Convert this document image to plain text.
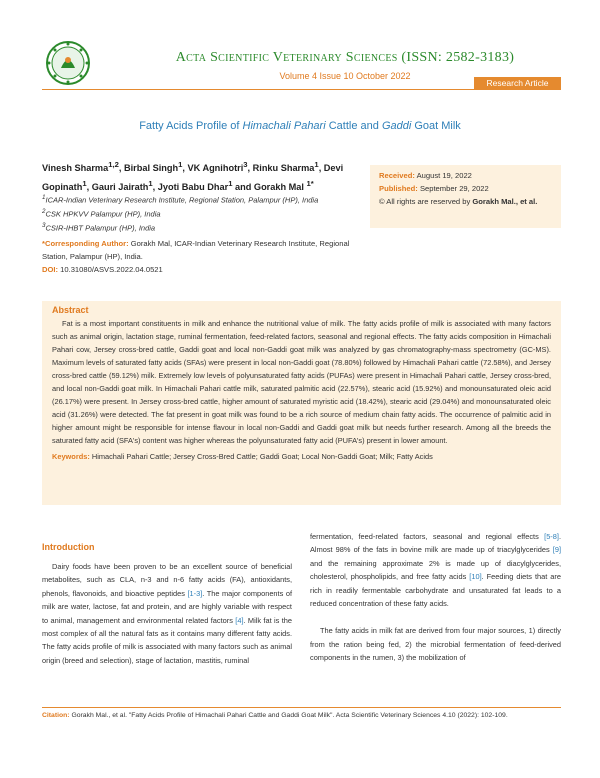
Acta Scientific Veterinary Sciences (ISSN: 2582-3183)
Volume 4 Issue 10 October 2022
Research Article
Fatty Acids Profile of Himachali Pahari Cattle and Gaddi Goat Milk
Vinesh Sharma$^{1,2}$, Birbal Singh$^1$, VK Agnihotri$^3$, Rinku Sharma$^1$, Devi Gopinath$^1$, Gauri Jairath$^1$, Jyoti Babu Dhar$^1$ and Gorakh Mal $^{1*}$
$^1$ICAR-Indian Veterinary Research Institute, Regional Station, Palampur (HP), India
$^2$CSK HPKVV Palampur (HP), India
$^3$CSIR-IHBT Palampur (HP), India
*Corresponding Author: Gorakh Mal, ICAR-Indian Veterinary Research Institute, Regional Station, Palampur (HP), India.
DOI: 10.31080/ASVS.2022.04.0521
Received: August 19, 2022
Published: September 29, 2022
© All rights are reserved by Gorakh Mal., et al.
Abstract

Fat is a most important constituents in milk and enhance the nutritional value of milk. The fatty acids profile of milk is associated with many factors such as animal origin, lactation stage, ruminal fermentation, feed-related factors, seasonal and regional effects. The fatty acids composition in Himachali Pahari cow, Jersey cross-bred cattle, Gaddi goat and local non-Gaddi goat milk was analyzed by gas chromatography-mass spectrometry (GC-MS). Maximum levels of saturated fatty acids (SFAs) were present in local non-Gaddi goat (78.80%) followed by Himachali Pahari cattle (72.58%), and Jersey cross-bred cattle (59.12%) milk. Extremely low levels of polyunsaturated fatty acids (PUFAs) were present in Himachali Pahari cattle, Jersey cross-bred, and local non-Gaddi goat milk. In Himachali Pahari cattle milk, saturated palmitic acid (22.57%), stearic acid (15.92%) and monounsaturated oleic acid (26.17%) were present. In Jersey cross-bred cattle, higher amount of saturated myristic acid (18.42%), stearic acid (29.04%) and monounsaturated oleic acid (31.26%) were detected. The fat present in goat milk was found to be a rich source of medium chain fatty acids. The occurrence of palmitic acid in higher amount might be responsible for intense flavour in local non-Gaddi and Gaddi goat milk but needs further research. Among all the breeds the saturated fatty acid (SFA's) content was higher whereas the polyunsaturated fatty acid (PUFA's) present in lower amount.

Keywords: Himachali Pahari Cattle; Jersey Cross-Bred Cattle; Gaddi Goat; Local Non-Gaddi Goat; Milk; Fatty Acids
Introduction

Dairy foods have been proven to be an excellent source of beneficial metabolites, such as CLA, n-3 and n-6 fatty acids (FA), antioxidants, phenols, flavonoids, and bioactive peptides [1-3]. The major components of milk are water, lactose, fat and protein, and are highly variable with respect to animal, management and environmental related factors [4]. Milk fat is the most complex of all the natural fats as it contains many different fatty acids. The fatty acids profile of milk is associated with many factors such as animal origin (breed and selection), stage of lactation, mastitis, ruminal

fermentation, feed-related factors, seasonal and regional effects [5-8]. Almost 98% of the fats in bovine milk are made up of triacylglycerides [9] and the remaining approximate 2% is made up of diacylglycerides, cholesterol, phospholipids, and free fatty acids [10]. Feeding diets that are rich in readily fermentable carbohydrate and unsaturated fat leads to a reduced concentration of these fatty acids.

The fatty acids in milk fat are derived from four major sources, 1) directly from the ration being fed, 2) the microbial fermentation of feed-derived components in the rumen, 3) the mobilization of

Citation: Gorakh Mal., et al. "Fatty Acids Profile of Himachali Pahari Cattle and Gaddi Goat Milk". Acta Scientific Veterinary Sciences 4.10 (2022): 102-109.
